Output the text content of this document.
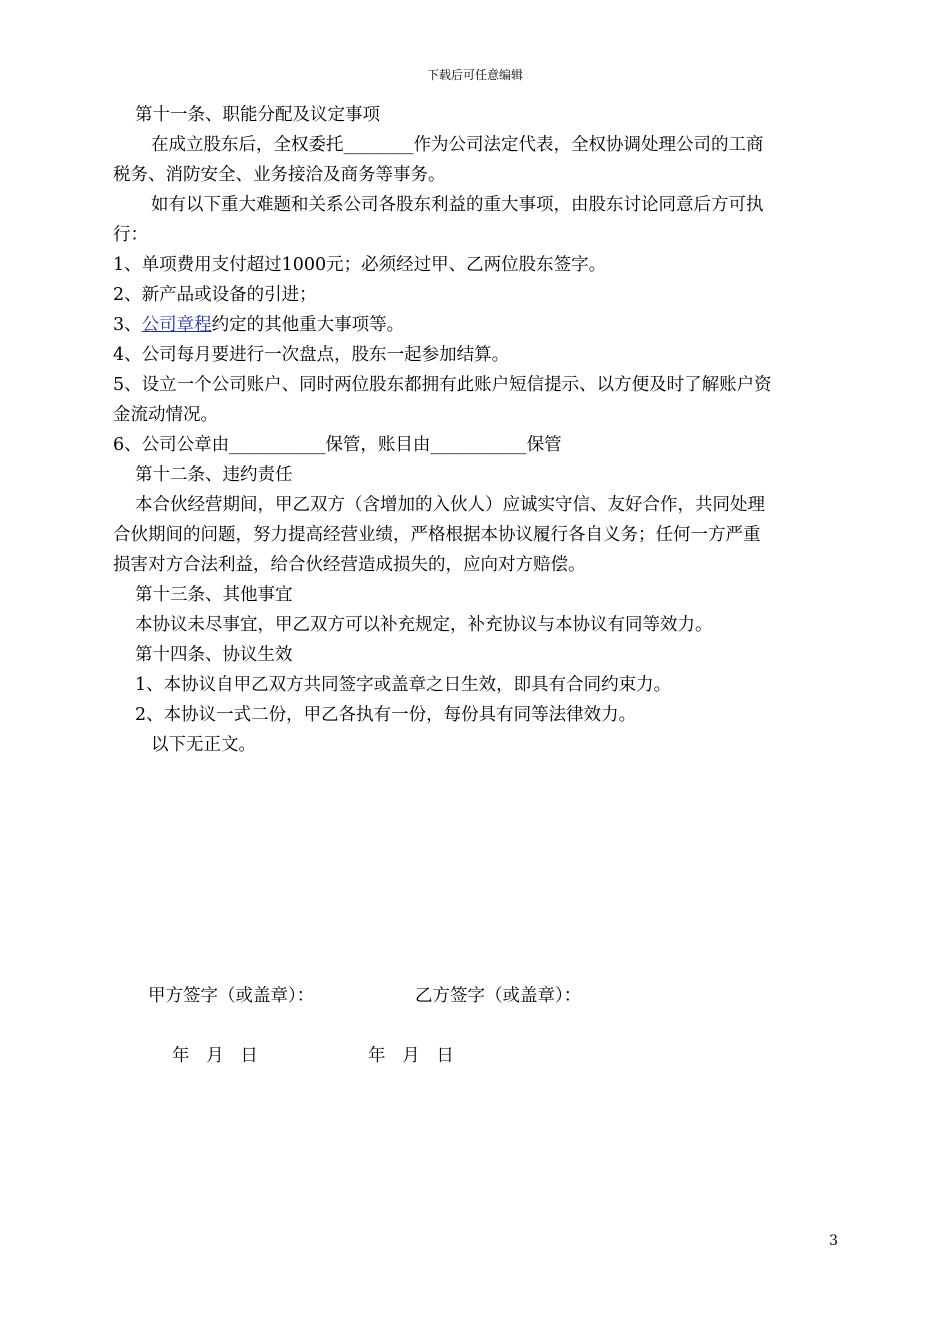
下载后可任意编辑

第十一条、职能分配及议定事项

在成立股东后，全权委托________作为公司法定代表，全权协调处理公司的工商

税务、消防安全、业务接洽及商务等事务。

如有以下重大难题和关系公司各股东利益的重大事项，由股东讨论同意后方可执

行：

1、单项费用支付超过1000元；必须经过甲、乙两位股东签字。

2、新产品或设备的引进；

3、公司章程约定的其他重大事项等。

4、公司每月要进行一次盘点，股东一起参加结算。

5、设立一个公司账户、同时两位股东都拥有此账户短信提示、以方便及时了解账户资

金流动情况。

6、公司公章由___________保管，账目由___________保管

第十二条、违约责任

本合伙经营期间，甲乙双方（含增加的入伙人）应诚实守信、友好合作，共同处理

合伙期间的问题，努力提高经营业绩，严格根据本协议履行各自义务；任何一方严重

损害对方合法利益，给合伙经营造成损失的，应向对方赔偿。

第十三条、其他事宜

本协议未尽事宜，甲乙双方可以补充规定，补充协议与本协议有同等效力。

第十四条、协议生效

1、本协议自甲乙双方共同签字或盖章之日生效，即具有合同约束力。

2、本协议一式二份，甲乙各执有一份，每份具有同等法律效力。

以下无正文。

甲方签字（或盖章）：	乙方签字（或盖章）：
年   月   日	年   月   日
3
